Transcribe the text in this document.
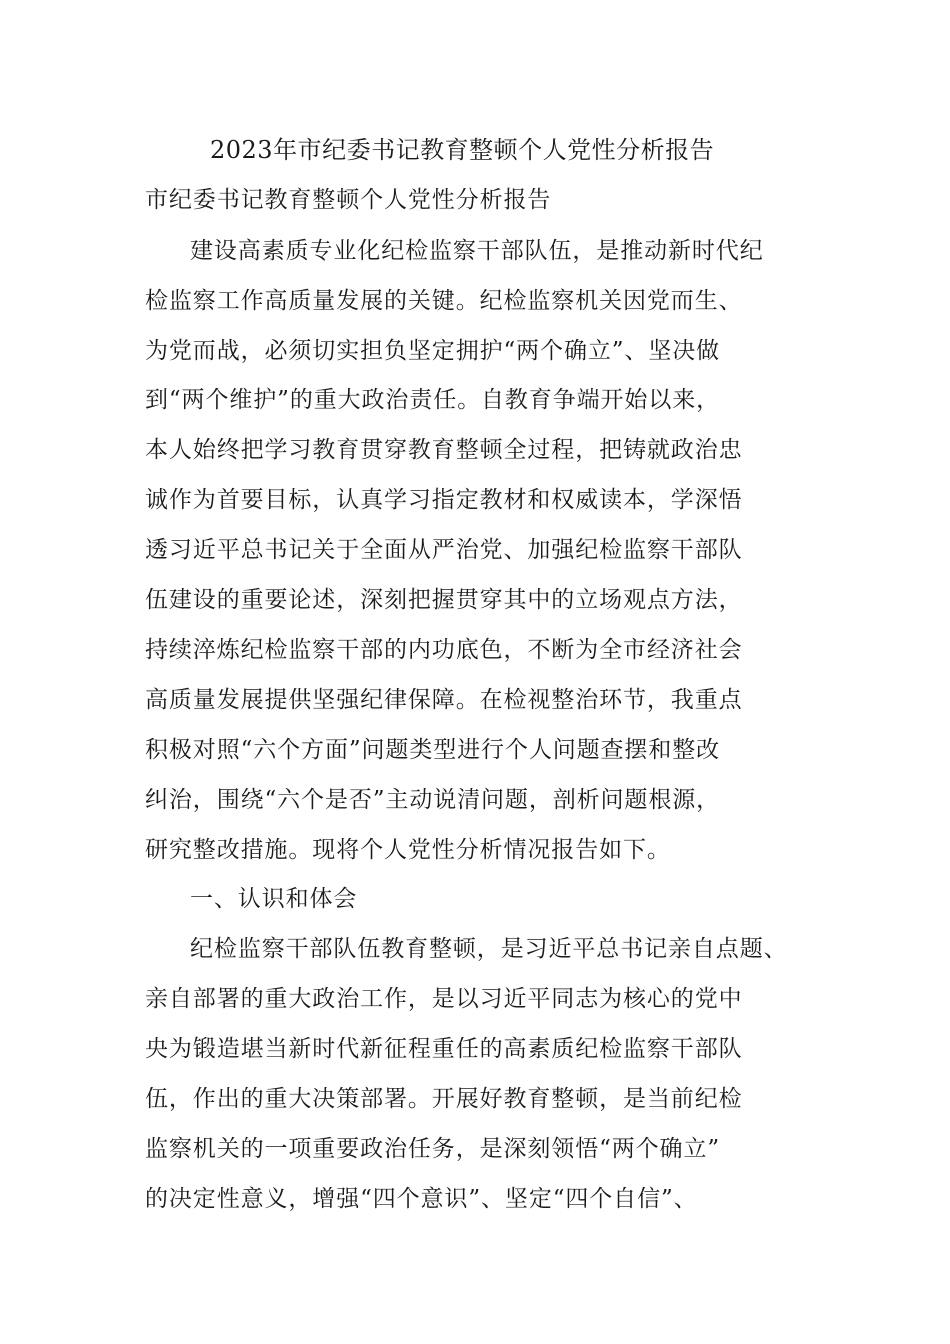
2023年市纪委书记教育整顿个人党性分析报告
市纪委书记教育整顿个人党性分析报告
建设高素质专业化纪检监察干部队伍，是推动新时代纪
检监察工作高质量发展的关键。纪检监察机关因党而生、
为党而战，必须切实担负坚定拥护“两个确立”、坚决做
到“两个维护”的重大政治责任。自教育争端开始以来，
本人始终把学习教育贯穿教育整顿全过程，把铸就政治忠
诚作为首要目标，认真学习指定教材和权威读本，学深悟
透习近平总书记关于全面从严治党、加强纪检监察干部队
伍建设的重要论述，深刻把握贯穿其中的立场观点方法，
持续淬炼纪检监察干部的内功底色，不断为全市经济社会
高质量发展提供坚强纪律保障。在检视整治环节，我重点
积极对照“六个方面”问题类型进行个人问题查摆和整改
纠治，围绕“六个是否”主动说清问题，剖析问题根源，
研究整改措施。现将个人党性分析情况报告如下。
一、认识和体会
纪检监察干部队伍教育整顿，是习近平总书记亲自点题、
亲自部署的重大政治工作，是以习近平同志为核心的党中
央为锻造堪当新时代新征程重任的高素质纪检监察干部队
伍，作出的重大决策部署。开展好教育整顿，是当前纪检
监察机关的一项重要政治任务，是深刻领悟“两个确立”
的决定性意义，增强“四个意识”、坚定“四个自信”、
